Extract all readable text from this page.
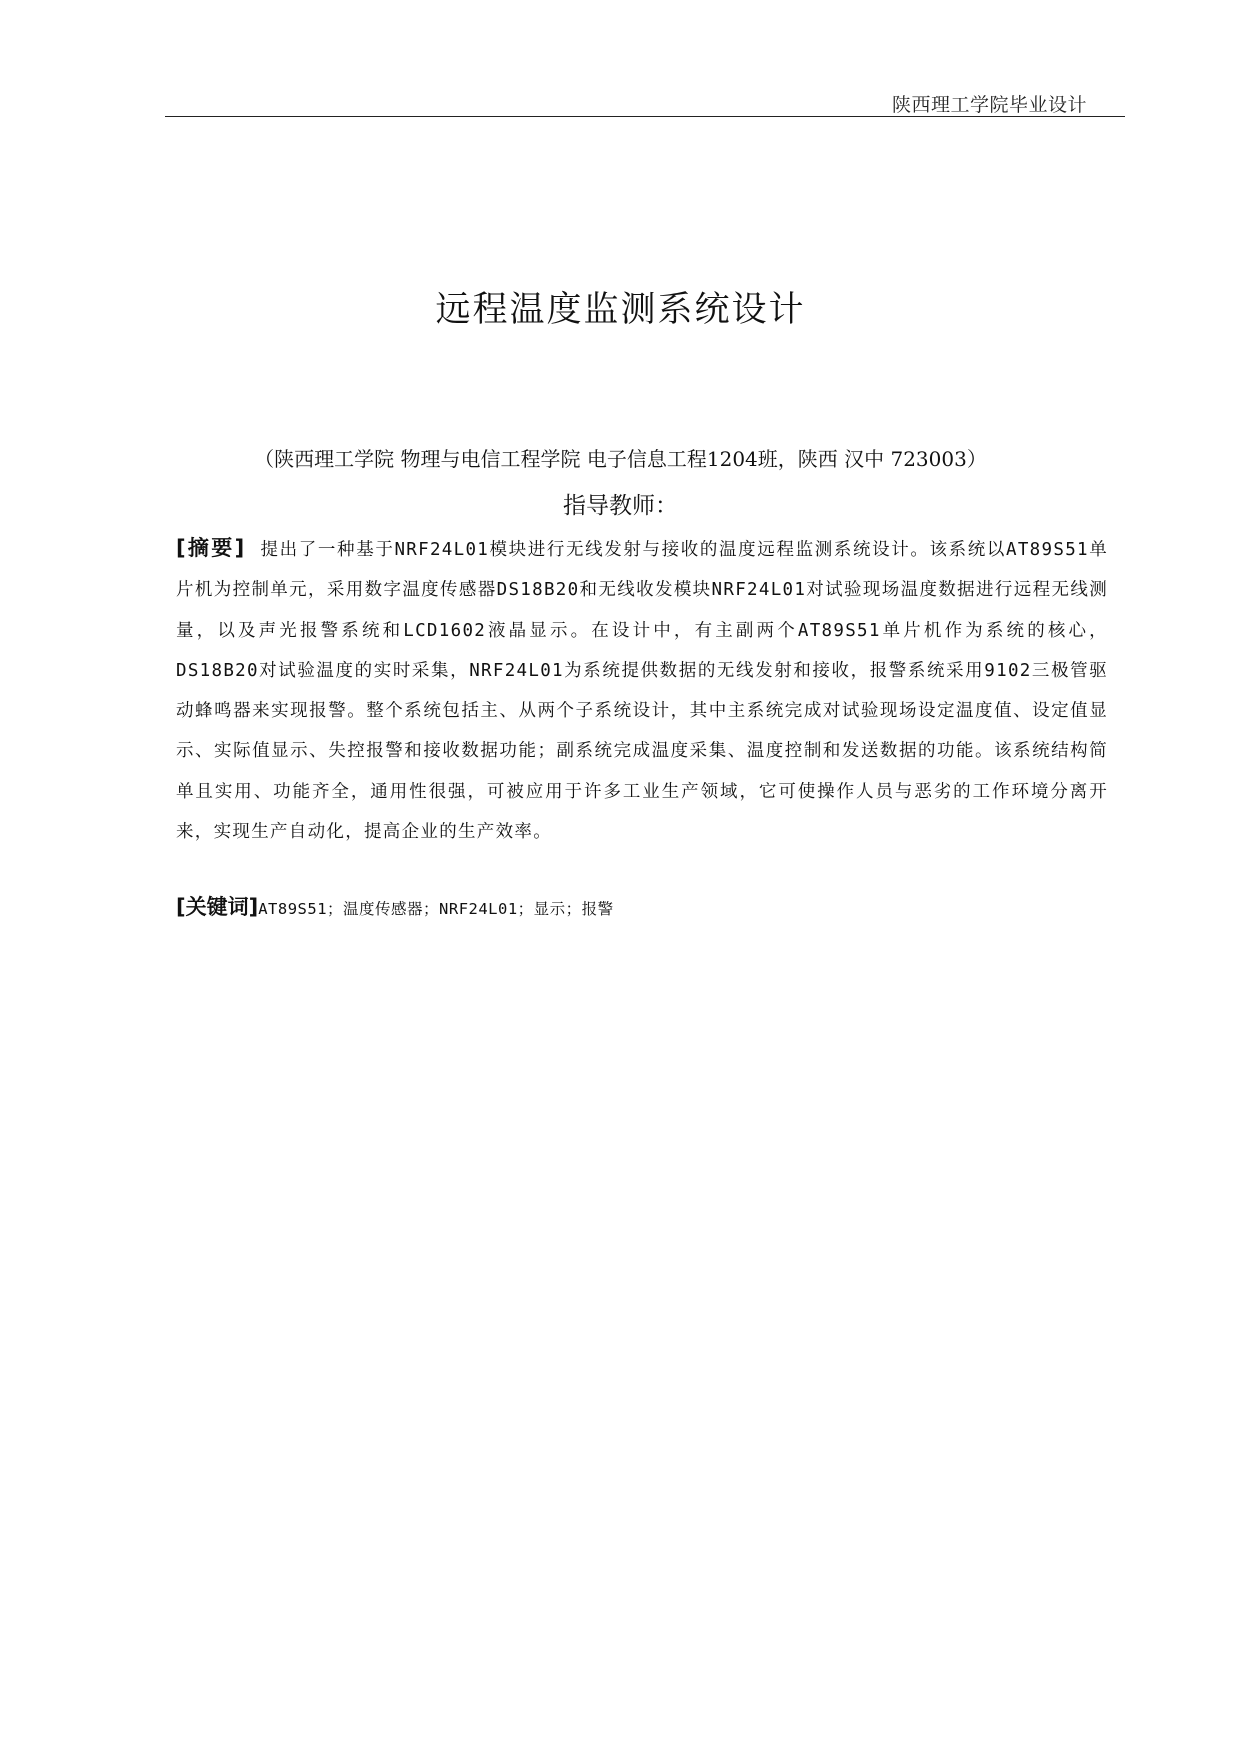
陕西理工学院毕业设计
远程温度监测系统设计
（陕西理工学院 物理与电信工程学院 电子信息工程1204班，陕西 汉中 723003）
指导教师：

[摘要] 提出了一种基于NRF24L01模块进行无线发射与接收的温度远程监测系统设计。该系统以AT89S51单片机为控制单元，采用数字温度传感器DS18B20和无线收发模块NRF24L01对试验现场温度数据进行远程无线测量，以及声光报警系统和LCD1602液晶显示。在设计中，有主副两个AT89S51单片机作为系统的核心，DS18B20对试验温度的实时采集，NRF24L01为系统提供数据的无线发射和接收，报警系统采用9102三极管驱动蜂鸣器来实现报警。整个系统包括主、从两个子系统设计，其中主系统完成对试验现场设定温度值、设定值显示、实际值显示、失控报警和接收数据功能；副系统完成温度采集、温度控制和发送数据的功能。该系统结构简单且实用、功能齐全，通用性很强，可被应用于许多工业生产领域，它可使操作人员与恶劣的工作环境分离开来，实现生产自动化，提高企业的生产效率。

[关键词]AT89S51；温度传感器；NRF24L01；显示；报警
